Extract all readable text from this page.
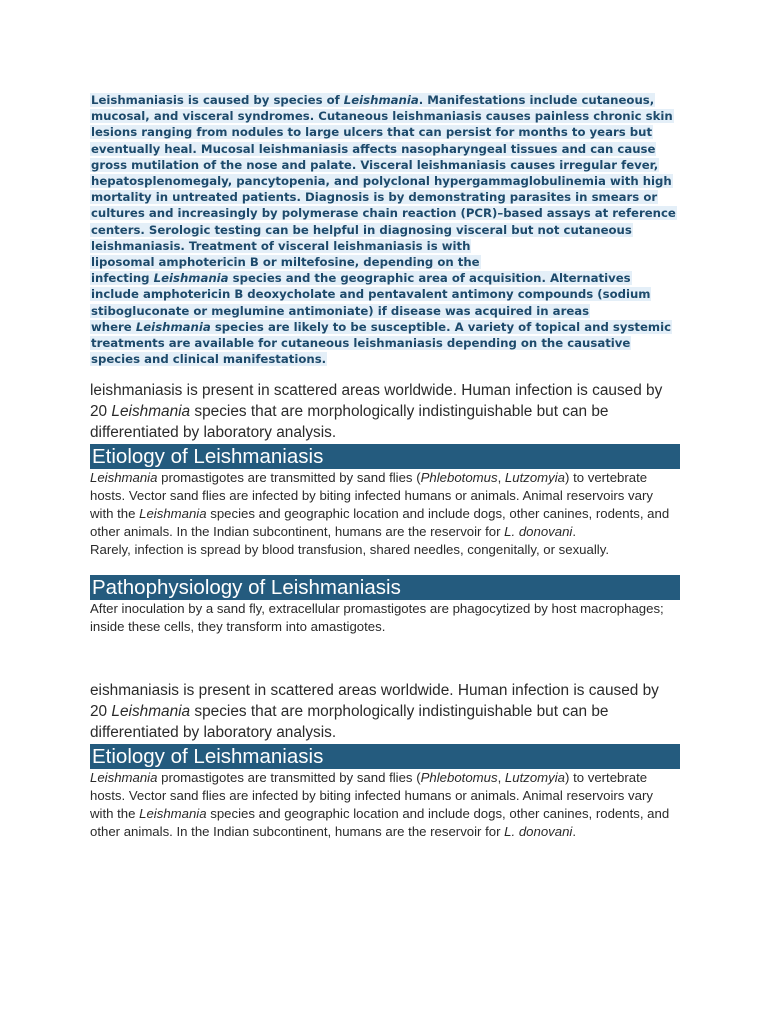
Leishmaniasis is caused by species of Leishmania. Manifestations include cutaneous, mucosal, and visceral syndromes. Cutaneous leishmaniasis causes painless chronic skin lesions ranging from nodules to large ulcers that can persist for months to years but eventually heal. Mucosal leishmaniasis affects nasopharyngeal tissues and can cause gross mutilation of the nose and palate. Visceral leishmaniasis causes irregular fever, hepatosplenomegaly, pancytopenia, and polyclonal hypergammaglobulinemia with high mortality in untreated patients. Diagnosis is by demonstrating parasites in smears or cultures and increasingly by polymerase chain reaction (PCR)–based assays at reference centers. Serologic testing can be helpful in diagnosing visceral but not cutaneous leishmaniasis. Treatment of visceral leishmaniasis is with
liposomal amphotericin B or miltefosine, depending on the
infecting Leishmania species and the geographic area of acquisition. Alternatives include amphotericin B deoxycholate and pentavalent antimony compounds (sodium stibogluconate or meglumine antimoniate) if disease was acquired in areas
where Leishmania species are likely to be susceptible. A variety of topical and systemic treatments are available for cutaneous leishmaniasis depending on the causative species and clinical manifestations.

leishmaniasis is present in scattered areas worldwide. Human infection is caused by 20 Leishmania species that are morphologically indistinguishable but can be differentiated by laboratory analysis.

Etiology of Leishmaniasis

Leishmania promastigotes are transmitted by sand flies (Phlebotomus, Lutzomyia) to vertebrate hosts. Vector sand flies are infected by biting infected humans or animals. Animal reservoirs vary with the Leishmania species and geographic location and include dogs, other canines, rodents, and other animals. In the Indian subcontinent, humans are the reservoir for L. donovani.
Rarely, infection is spread by blood transfusion, shared needles, congenitally, or sexually.

Pathophysiology of Leishmaniasis

After inoculation by a sand fly, extracellular promastigotes are phagocytized by host macrophages; inside these cells, they transform into amastigotes.

eishmaniasis is present in scattered areas worldwide. Human infection is caused by 20 Leishmania species that are morphologically indistinguishable but can be differentiated by laboratory analysis.

Etiology of Leishmaniasis

Leishmania promastigotes are transmitted by sand flies (Phlebotomus, Lutzomyia) to vertebrate hosts. Vector sand flies are infected by biting infected humans or animals. Animal reservoirs vary with the Leishmania species and geographic location and include dogs, other canines, rodents, and other animals. In the Indian subcontinent, humans are the reservoir for L. donovani.
